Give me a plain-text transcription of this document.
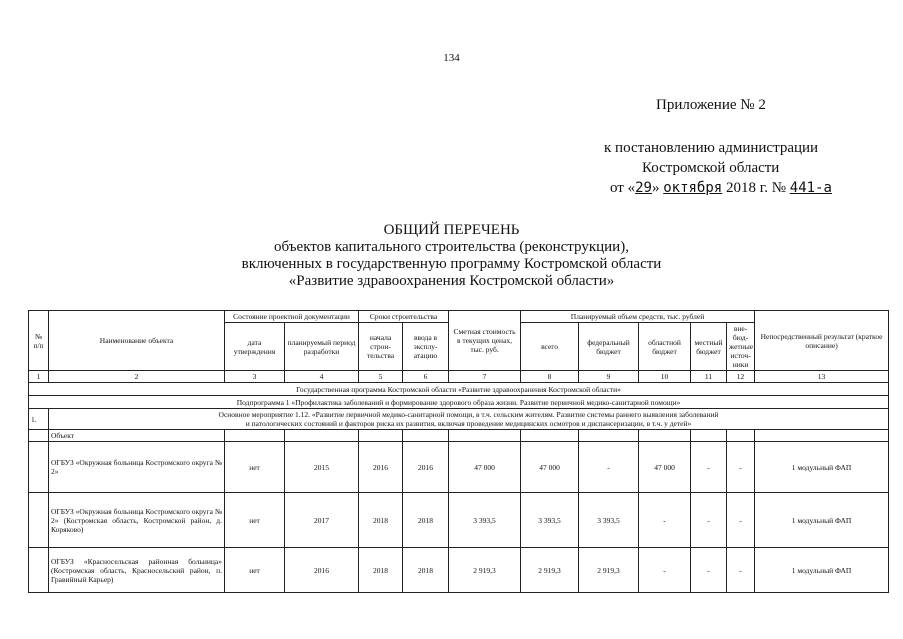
134
Приложение № 2
к постановлению администрации
Костромской области
от «29» октября 2018 г. № 441-а
ОБЩИЙ ПЕРЕЧЕНЬ
объектов капитального строительства (реконструкции),
включенных в государственную программу Костромской области
«Развитие здравоохранения Костромской области»
№ п/п	Наименование объекта	Состояние проектной документации		Сроки строительства		Сметная стоимость в текущих ценах, тыс. руб.	Планируемый объем средств, тыс. рублей					Непосредственный результат (краткое описание)
		дата утверждения	планируемый период разработки	начала строи-тельства	ввода в эксплу-атацию		всего	федеральный бюджет	областной бюджет	местный бюджет	вне-бюд-жетные источ-ники	
1	2	3	4	5	6	7	8	9	10	11	12	13
Государственная программа Костромской области «Развитие здравоохранения Костромской области»												
Подпрограмма 1 «Профилактика заболеваний и формирование здорового образа жизни. Развитие первичной медико-санитарной помощи»												
1.	Основное мероприятие 1.12. «Развитие первичной медико-санитарной помощи, в т.ч. сельским жителям. Развитие системы раннего выявления заболеваний
и патологических состояний и факторов риска их развития, включая проведение медицинских осмотров и диспансеризации, в т.ч. у детей»											

	Объект											
	ОГБУЗ «Окружная больница Костромского округа № 2»	нет	2015	2016	2016	47 000	47 000	-	47 000	-	-	1 модульный ФАП
	ОГБУЗ «Окружная больница Костромского округа № 2» (Костромская область, Костромской район, д. Коряково)	нет	2017	2018	2018	3 393,5	3 393,5	3 393,5	-	-	-	1 модульный ФАП
	ОГБУЗ «Красносельская районная больница» (Костромская область, Красносельский район, п. Гравийный Карьер)	нет	2016	2018	2018	2 919,3	2 919,3	2 919,3	-	-	-	1 модульный ФАП
